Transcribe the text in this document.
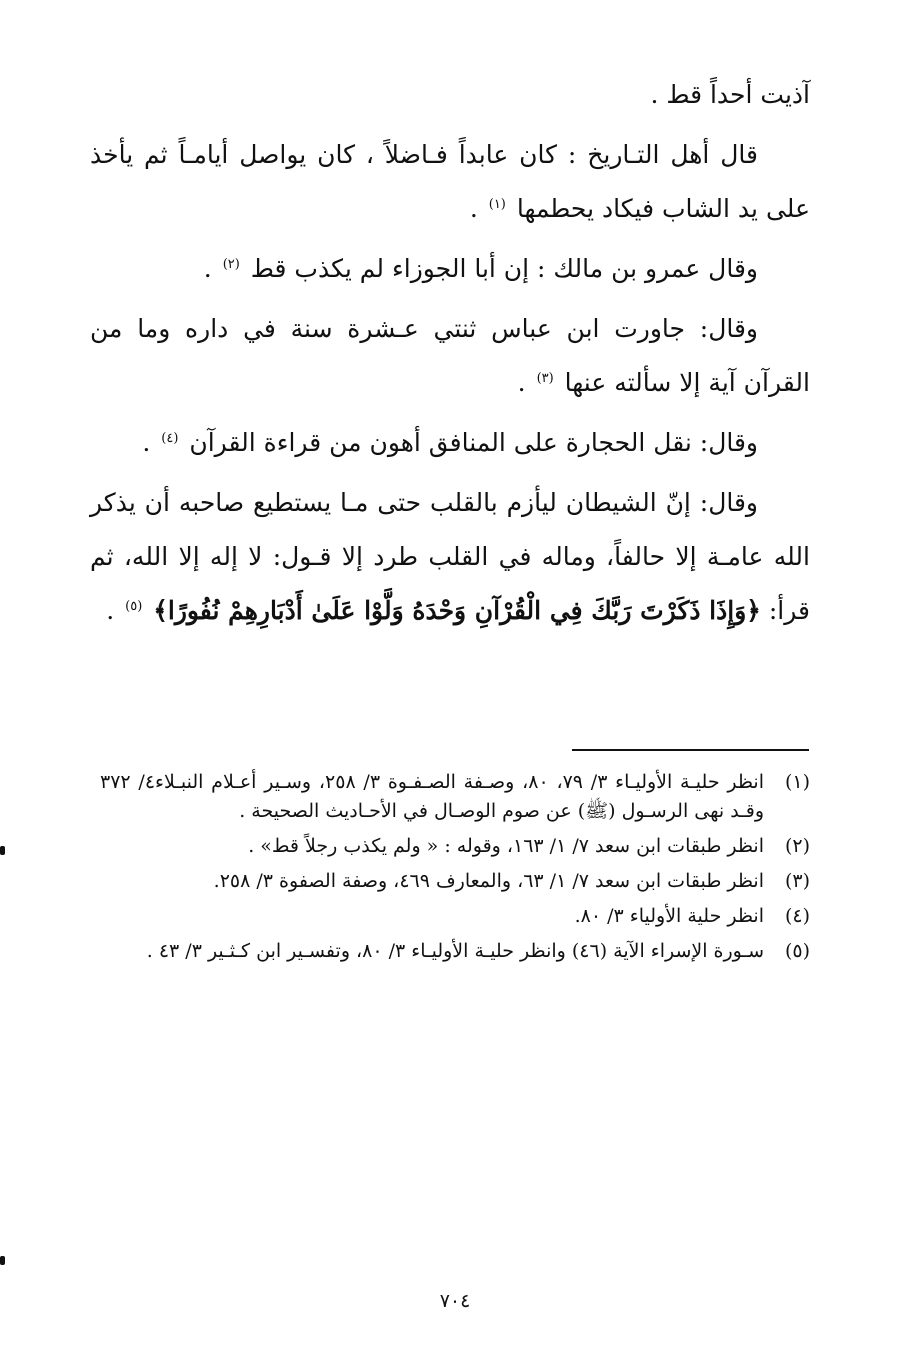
آذيت أحداً قط .

قال أهل التـاريخ : كان عابداً فـاضلاً ، كان يواصل أيامـاً ثم يأخذ على يد الشاب فيكاد يحطمها $^{(١)}$ .

وقال عمرو بن مالك : إن أبا الجوزاء لم يكذب قط $^{(٢)}$ .

وقال: جاورت ابن عباس ثنتي عـشرة سنة في داره وما من القرآن آية إلا سألته عنها $^{(٣)}$ .

وقال: نقل الحجارة على المنافق أهون من قراءة القرآن $^{(٤)}$ .

وقال: إنّ الشيطان ليأزم بالقلب حتى مـا يستطيع صاحبه أن يذكر الله عامـة إلا حالفاً، وماله في القلب طرد إلا قـول: لا إله إلا الله، ثم قرأ: ﴿وَإِذَا ذَكَرْتَ رَبَّكَ فِي الْقُرْآنِ وَحْدَهُ وَلَّوْا عَلَىٰ أَدْبَارِهِمْ نُفُورًا﴾ $^{(٥)}$ .

(١)
انظر حليـة الأوليـاء ٣/ ٧٩، ٨٠، وصـفة الصـفـوة ٣/ ٢٥٨، وسـير أعـلام النبـلاء٤/ ٣٧٢ وقـد نهى الرسـول (ﷺ) عن صوم الوصـال في الأحـاديث الصحيحة .
(٢)
انظر طبقات ابن سعد ٧/ ١/ ١٦٣، وقوله : « ولم يكذب رجلاً قط» .
(٣)
انظر طبقات ابن سعد ٧/ ١/ ٦٣، والمعارف ٤٦٩، وصفة الصفوة ٣/ ٢٥٨.
(٤)
انظر حلية الأولياء ٣/ ٨٠.
(٥)
سـورة الإسراء الآية (٤٦) وانظر حليـة الأوليـاء ٣/ ٨٠، وتفسـير ابن كـثـير ٣/ ٤٣ .
٧٠٤
